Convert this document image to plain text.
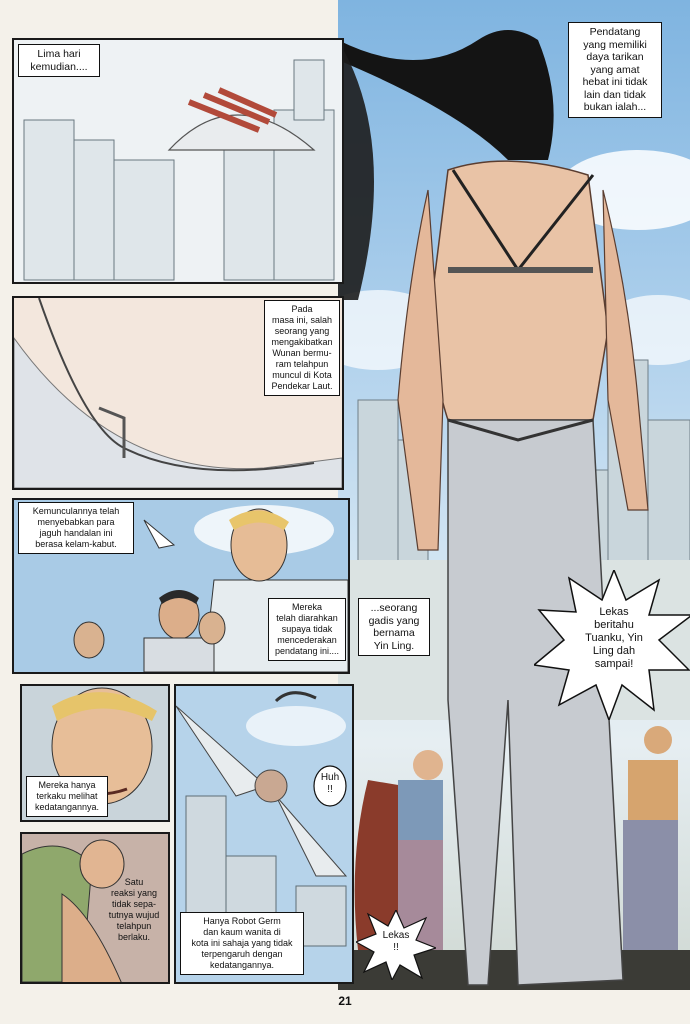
Pendatang
yang memiliki
daya tarikan
yang amat
hebat ini tidak
lain dan tidak
bukan ialah...
...seorang
gadis yang
bernama
Yin Ling.
Lekas
beritahu
Tuanku, Yin
Ling dah
sampai!
Lekas
!!
Lima hari
kemudian....
Pada
masa ini, salah
seorang yang
mengakibatkan
Wunan bermu-
ram telahpun
muncul di Kota
Pendekar Laut.
Kemunculannya telah
menyebabkan para
jaguh handalan ini
berasa kelam-kabut.
Mereka
telah diarahkan
supaya tidak
mencederakan
pendatang ini....
Mereka hanya
terkaku melihat
kedatangannya.
Satu
reaksi yang
tidak sepa-
tutnya wujud
telahpun
berlaku.
Huh
!!
Hanya Robot Germ
dan kaum wanita di
kota ini sahaja yang tidak
terpengaruh dengan
kedatangannya.
21
